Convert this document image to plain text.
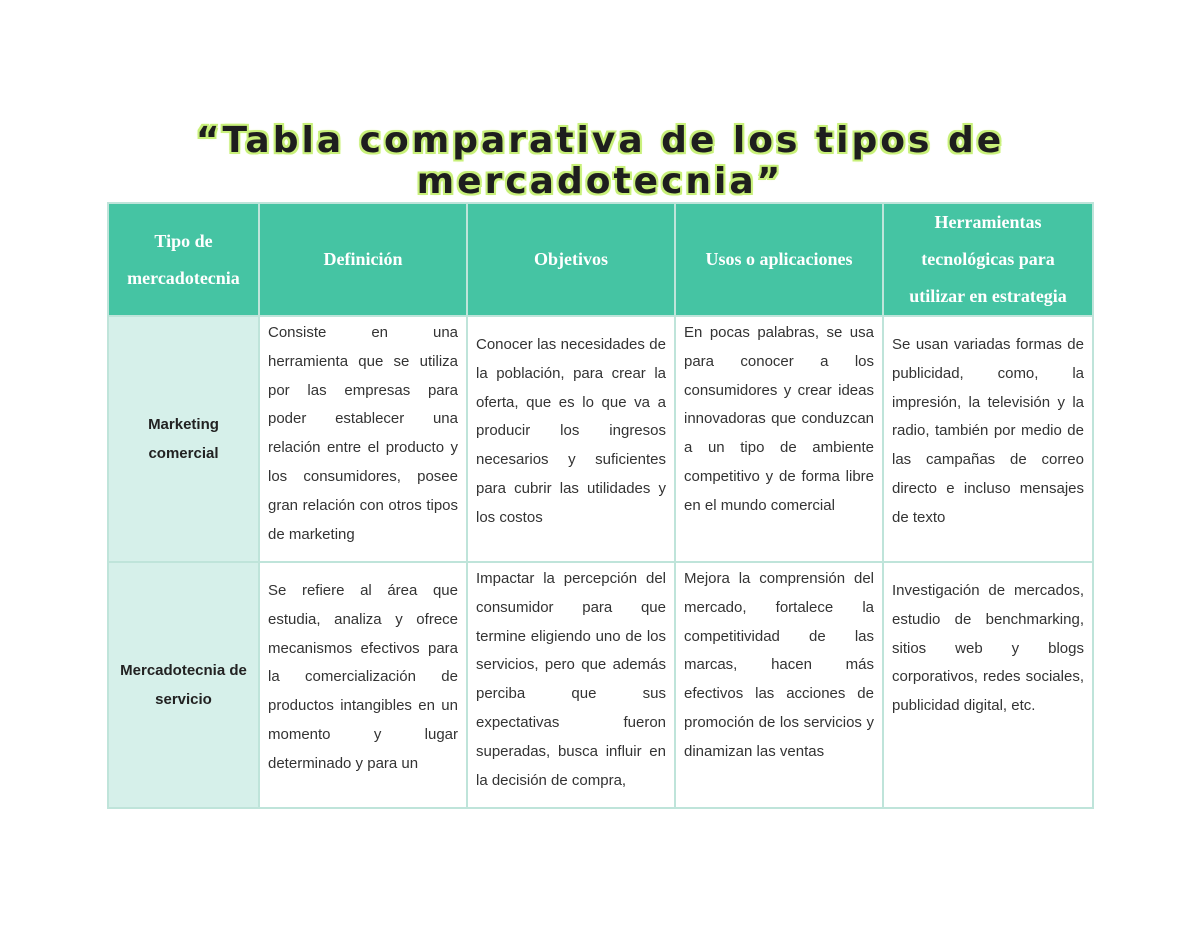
“Tabla comparativa de los tipos de mercadotecnia”
Tipo de mercadotecnia	Definición	Objetivos	Usos o aplicaciones	Herramientas tecnológicas para utilizar en estrategia
Marketing comercial	Consiste en una herramienta que se utiliza por las empresas para poder establecer una relación entre el producto y los consumidores, posee gran relación con otros tipos de marketing	Conocer las necesidades de la población, para crear la oferta, que es lo que va a producir los ingresos necesarios y suficientes para cubrir las utilidades y los costos	En pocas palabras, se usa para conocer a los consumidores y crear ideas innovadoras que conduzcan a un tipo de ambiente competitivo y de forma libre en el mundo comercial	Se usan variadas formas de publicidad, como, la impresión, la televisión y la radio, también por medio de las campañas de correo directo e incluso mensajes de texto
Mercadotecnia de servicio	Se refiere al área que estudia, analiza y ofrece mecanismos efectivos para la comercialización de productos intangibles en un momento y lugar determinado y para un	Impactar la percepción del consumidor para que termine eligiendo uno de los servicios, pero que además perciba que sus expectativas fueron superadas, busca influir en la decisión de compra,	Mejora la comprensión del mercado, fortalece la competitividad de las marcas, hacen más efectivos las acciones de promoción de los servicios y dinamizan las ventas	Investigación de mercados, estudio de benchmarking, sitios web y blogs corporativos, redes sociales, publicidad digital, etc.
